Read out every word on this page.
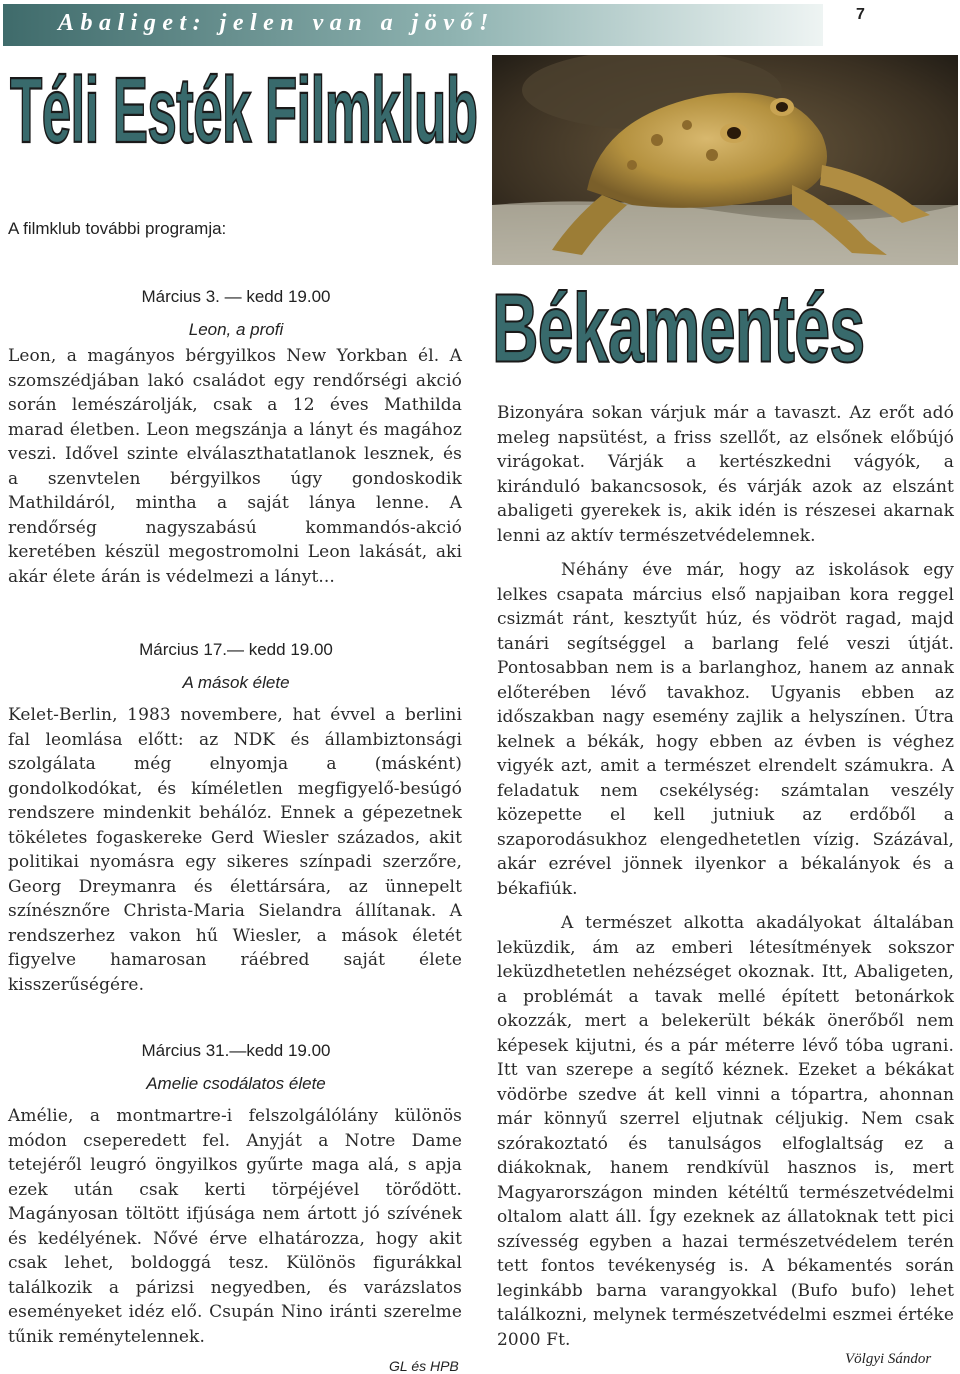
Abaliget: jelen van a jövő!	7
Téli Esték Filmklub
A filmklub további programja:
Március 3. — kedd 19.00
Leon, a profi

Leon, a magányos bérgyilkos New Yorkban él. A szomszédjában lakó családot egy rendőrségi akció során lemészárolják, csak a 12 éves Mathilda marad életben. Leon megszánja a lányt és magához veszi. Idővel szinte elválaszthatatlanok lesznek, és a szenvtelen bérgyilkos úgy gondoskodik Mathildáról, mintha a saját lánya lenne. A rendőrség nagyszabású kommandós-akció keretében készül megostromolni Leon lakását, aki akár élete árán is védelmezi a lányt...

Március 17.— kedd 19.00
A mások élete

Kelet-Berlin, 1983 novembere, hat évvel a berlini fal leomlása előtt: az NDK és állambiztonsági szolgálata még elnyomja a (másként) gondolkodókat, és kíméletlen megfigyelő-besúgó rendszere mindenkit behálóz. Ennek a gépezetnek tökéletes fogaskereke Gerd Wiesler százados, akit politikai nyomásra egy sikeres színpadi szerzőre, Georg Dreymanra és élettársára, az ünnepelt színésznőre Christa-Maria Sielandra állítanak. A rendszerhez vakon hű Wiesler, a mások életét figyelve hamarosan ráébred saját élete kisszerűségére.

Március 31.—kedd 19.00
Amelie csodálatos élete

Amélie, a montmartre-i felszolgálólány különös módon cseperedett fel. Anyját a Notre Dame tetejéről leugró öngyilkos gyűrte maga alá, s apja ezek után csak kerti törpéjével törődött. Magányosan töltött ifjúsága nem ártott jó szívének és kedélyének. Nővé érve elhatározza, hogy akit csak lehet, boldoggá tesz. Különös figurákkal találkozik a párizsi negyedben, és varázslatos eseményeket idéz elő. Csupán Nino iránti szerelme tűnik reménytelennek.

GL és HPB
Békamentés

Bizonyára sokan várjuk már a tavaszt. Az erőt adó meleg napsütést, a friss szellőt, az elsőnek előbújó virágokat. Várják a kertészkedni vágyók, a kiránduló bakancsosok, és várják azok az elszánt abaligeti gyerekek is, akik idén is részesei akarnak lenni az aktív természetvédelemnek.

Néhány éve már, hogy az iskolások egy lelkes csapata március első napjaiban kora reggel csizmát ránt, kesztyűt húz, és vödröt ragad, majd tanári segítséggel a barlang felé veszi útját. Pontosabban nem is a barlanghoz, hanem az annak előterében lévő tavakhoz. Ugyanis ebben az időszakban nagy esemény zajlik a helyszínen. Útra kelnek a békák, hogy ebben az évben is véghez vigyék azt, amit a természet elrendelt számukra. A feladatuk nem csekélység: számtalan veszély közepette el kell jutniuk az erdőből a szaporodásukhoz elengedhetetlen vízig. Százával, akár ezrével jönnek ilyenkor a békalányok és a békafiúk.

A természet alkotta akadályokat általában leküzdik, ám az emberi létesítmények sokszor leküzdhetetlen nehézséget okoznak. Itt, Abaligeten, a problémát a tavak mellé épített betonárkok okozzák, mert a belekerült békák önerőből nem képesek kijutni, és a pár méterre lévő tóba ugrani. Itt van szerepe a segítő kéznek. Ezeket a békákat vödörbe szedve át kell vinni a tópartra, ahonnan már könnyű szerrel eljutnak céljukig. Nem csak szórakoztató és tanulságos elfoglaltság ez a diákoknak, hanem rendkívül hasznos is, mert Magyarországon minden kétéltű természetvédelmi oltalom alatt áll. Így ezeknek az állatoknak tett pici szívesség egyben a hazai természetvédelem terén tett fontos tevékenység is. A békamentés során leginkább barna varangyokkal (Bufo bufo) lehet találkozni, melynek természetvédelmi eszmei értéke 2000 Ft.

Völgyi Sándor
